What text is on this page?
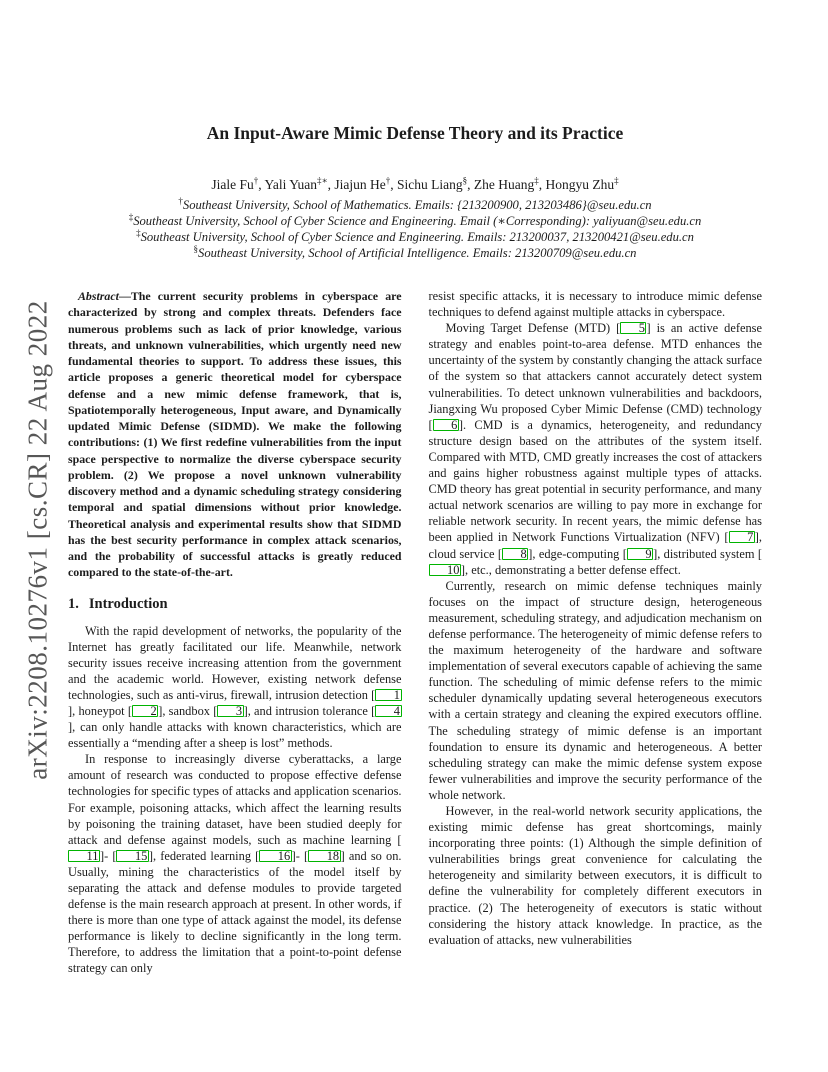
arXiv:2208.10276v1 [cs.CR] 22 Aug 2022
An Input-Aware Mimic Defense Theory and its Practice
Jiale Fu†, Yali Yuan‡∗, Jiajun He†, Sichu Liang§, Zhe Huang‡, Hongyu Zhu‡
†Southeast University, School of Mathematics. Emails: {213200900, 213203486}@seu.edu.cn
‡Southeast University, School of Cyber Science and Engineering. Email (∗Corresponding): yaliyuan@seu.edu.cn
‡Southeast University, School of Cyber Science and Engineering. Emails: 213200037, 213200421@seu.edu.cn
§Southeast University, School of Artificial Intelligence. Emails: 213200709@seu.edu.cn

Abstract—The current security problems in cyberspace are characterized by strong and complex threats. Defenders face numerous problems such as lack of prior knowledge, various threats, and unknown vulnerabilities, which urgently need new fundamental theories to support. To address these issues, this article proposes a generic theoretical model for cyberspace defense and a new mimic defense framework, that is, Spatiotemporally heterogeneous, Input aware, and Dynamically updated Mimic Defense (SIDMD). We make the following contributions: (1) We first redefine vulnerabilities from the input space perspective to normalize the diverse cyberspace security problem. (2) We propose a novel unknown vulnerability discovery method and a dynamic scheduling strategy considering temporal and spatial dimensions without prior knowledge. Theoretical analysis and experimental results show that SIDMD has the best security performance in complex attack scenarios, and the probability of successful attacks is greatly reduced compared to the state-of-the-art.

1. Introduction

With the rapid development of networks, the popularity of the Internet has greatly facilitated our life. Meanwhile, network security issues receive increasing attention from the government and the academic world. However, existing network defense technologies, such as anti-virus, firewall, intrusion detection [ 1], honeypot [ 2 ], sandbox [ 3 ], and intrusion tolerance [ 4], can only handle attacks with known characteristics, which are essentially a “mending after a sheep is lost” methods.

In response to increasingly diverse cyberattacks, a large amount of research was conducted to propose effective defense technologies for specific types of attacks and application scenarios. For example, poisoning attacks, which affect the learning results by poisoning the training dataset, have been studied deeply for attack and defense against models, such as machine learning [11 ]- [ 15 ], federated learning [ 16 ]- [ 18 ] and so on. Usually, mining the characteristics of the model itself by separating the attack and defense modules to provide targeted defense is the main research approach at present. In other words, if there is more than one type of attack against the model, its defense performance is likely to decline significantly in the long term. Therefore, to address the limitation that a point-to-point defense strategy can only

resist specific attacks, it is necessary to introduce mimic defense techniques to defend against multiple attacks in cyberspace.

Moving Target Defense (MTD) [ 5 ] is an active defense strategy and enables point-to-area defense. MTD enhances the uncertainty of the system by constantly changing the attack surface of the system so that attackers cannot accurately detect system vulnerabilities. To detect unknown vulnerabilities and backdoors, Jiangxing Wu proposed Cyber Mimic Defense (CMD) technology [ 6 ]. CMD is a dynamics, heterogeneity, and redundancy structure design based on the attributes of the system itself. Compared with MTD, CMD greatly increases the cost of attackers and gains higher robustness against multiple types of attacks. CMD theory has great potential in security performance, and many actual network scenarios are willing to pay more in exchange for reliable network security. In recent years, the mimic defense has been applied in Network Functions Virtualization (NFV) [ 7 ], cloud service [ 8 ], edge-computing [ 9 ], distributed system [10 ], etc., demonstrating a better defense effect.

Currently, research on mimic defense techniques mainly focuses on the impact of structure design, heterogeneous measurement, scheduling strategy, and adjudication mechanism on defense performance. The heterogeneity of mimic defense refers to the maximum heterogeneity of the hardware and software implementation of several executors capable of achieving the same function. The scheduling of mimic defense refers to the mimic scheduler dynamically updating several heterogeneous executors with a certain strategy and cleaning the expired executors offline. The scheduling strategy of mimic defense is an important foundation to ensure its dynamic and heterogeneous. A better scheduling strategy can make the mimic defense system expose fewer vulnerabilities and improve the security performance of the whole network.

However, in the real-world network security applications, the existing mimic defense has great shortcomings, mainly incorporating three points: (1) Although the simple definition of vulnerabilities brings great convenience for calculating the heterogeneity and similarity between executors, it is difficult to define the vulnerability for completely different executors in practice. (2) The heterogeneity of executors is static without considering the history attack knowledge. In practice, as the evaluation of attacks, new vulnerabilities
